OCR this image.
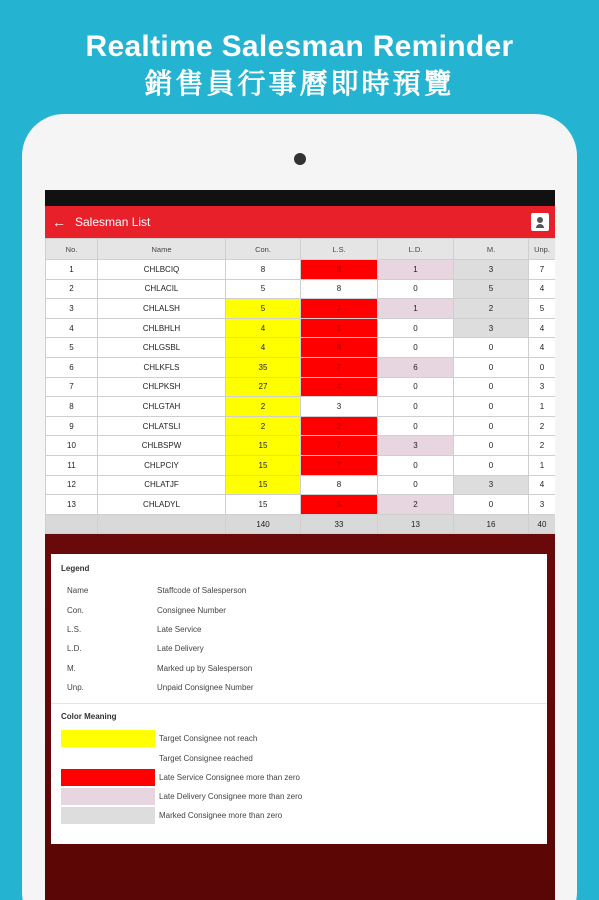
Realtime Salesman Reminder
銷售員行事曆即時預覽
← Salesman List
No.	Name	Con.	L.S.	L.D.	M.	Unp.
1	CHLBCIQ	8	8	1	3	7
2	CHLACIL	5	8	0	5	4
3	CHLALSH	5	7	1	2	5
4	CHLBHLH	4	1	0	3	4
5	CHLGSBL	4	8	0	0	4
6	CHLKFLS	35	7	6	0	0
7	CHLPKSH	27	4	0	0	3
8	CHLGTAH	2	3	0	0	1
9	CHLATSLI	2	2	0	0	2
10	CHLBSPW	15	7	3	0	2
11	CHLPCIY	15	7	0	0	1
12	CHLATJF	15	8	0	3	4
13	CHLADYL	15	5	2	0	3
		140	33	13	16	40
Legend
Name	Staffcode of Salesperson
Con.	Consignee Number
L.S.	Late Service
L.D.	Late Delivery
M.	Marked up by Salesperson
Unp.	Unpaid Consignee Number
Color Meaning
Target Consignee not reach
Target Consignee reached
Late Service Consignee more than zero
Late Delivery Consignee more than zero
Marked Consignee more than zero
